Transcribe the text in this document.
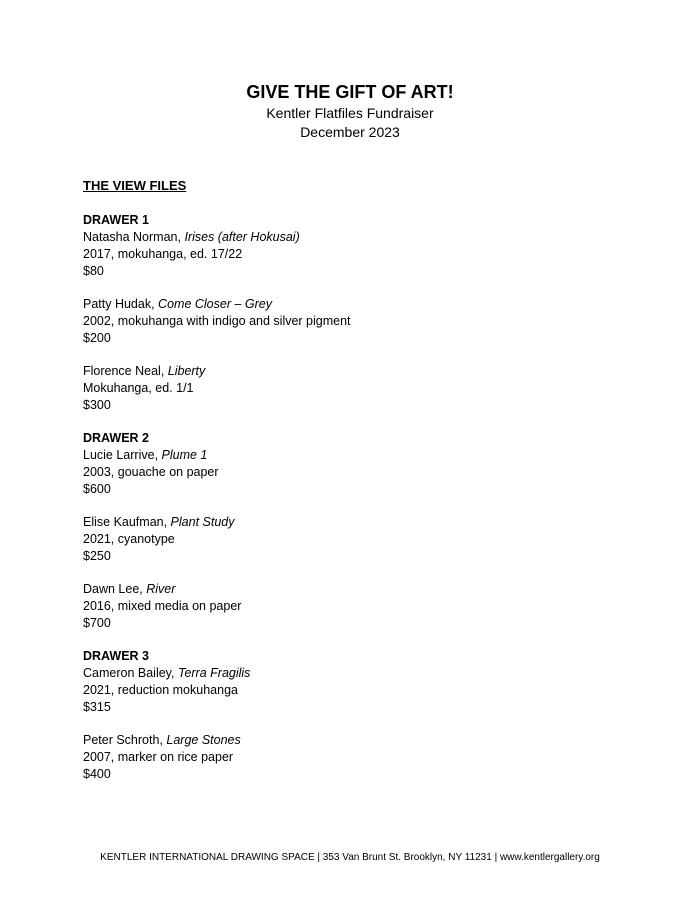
GIVE THE GIFT OF ART!

Kentler Flatfiles Fundraiser

December 2023

THE VIEW FILES

DRAWER 1

Natasha Norman, Irises (after Hokusai)

2017, mokuhanga, ed. 17/22

$80

Patty Hudak, Come Closer – Grey

2002, mokuhanga with indigo and silver pigment

$200

Florence Neal, Liberty

Mokuhanga, ed. 1/1

$300

DRAWER 2

Lucie Larrive, Plume 1

2003, gouache on paper

$600

Elise Kaufman, Plant Study

2021, cyanotype

$250

Dawn Lee, River

2016, mixed media on paper

$700

DRAWER 3

Cameron Bailey, Terra Fragilis

2021, reduction mokuhanga

$315

Peter Schroth, Large Stones

2007, marker on rice paper

$400

KENTLER INTERNATIONAL DRAWING SPACE | 353 Van Brunt St. Brooklyn, NY 11231 | www.kentlergallery.org
